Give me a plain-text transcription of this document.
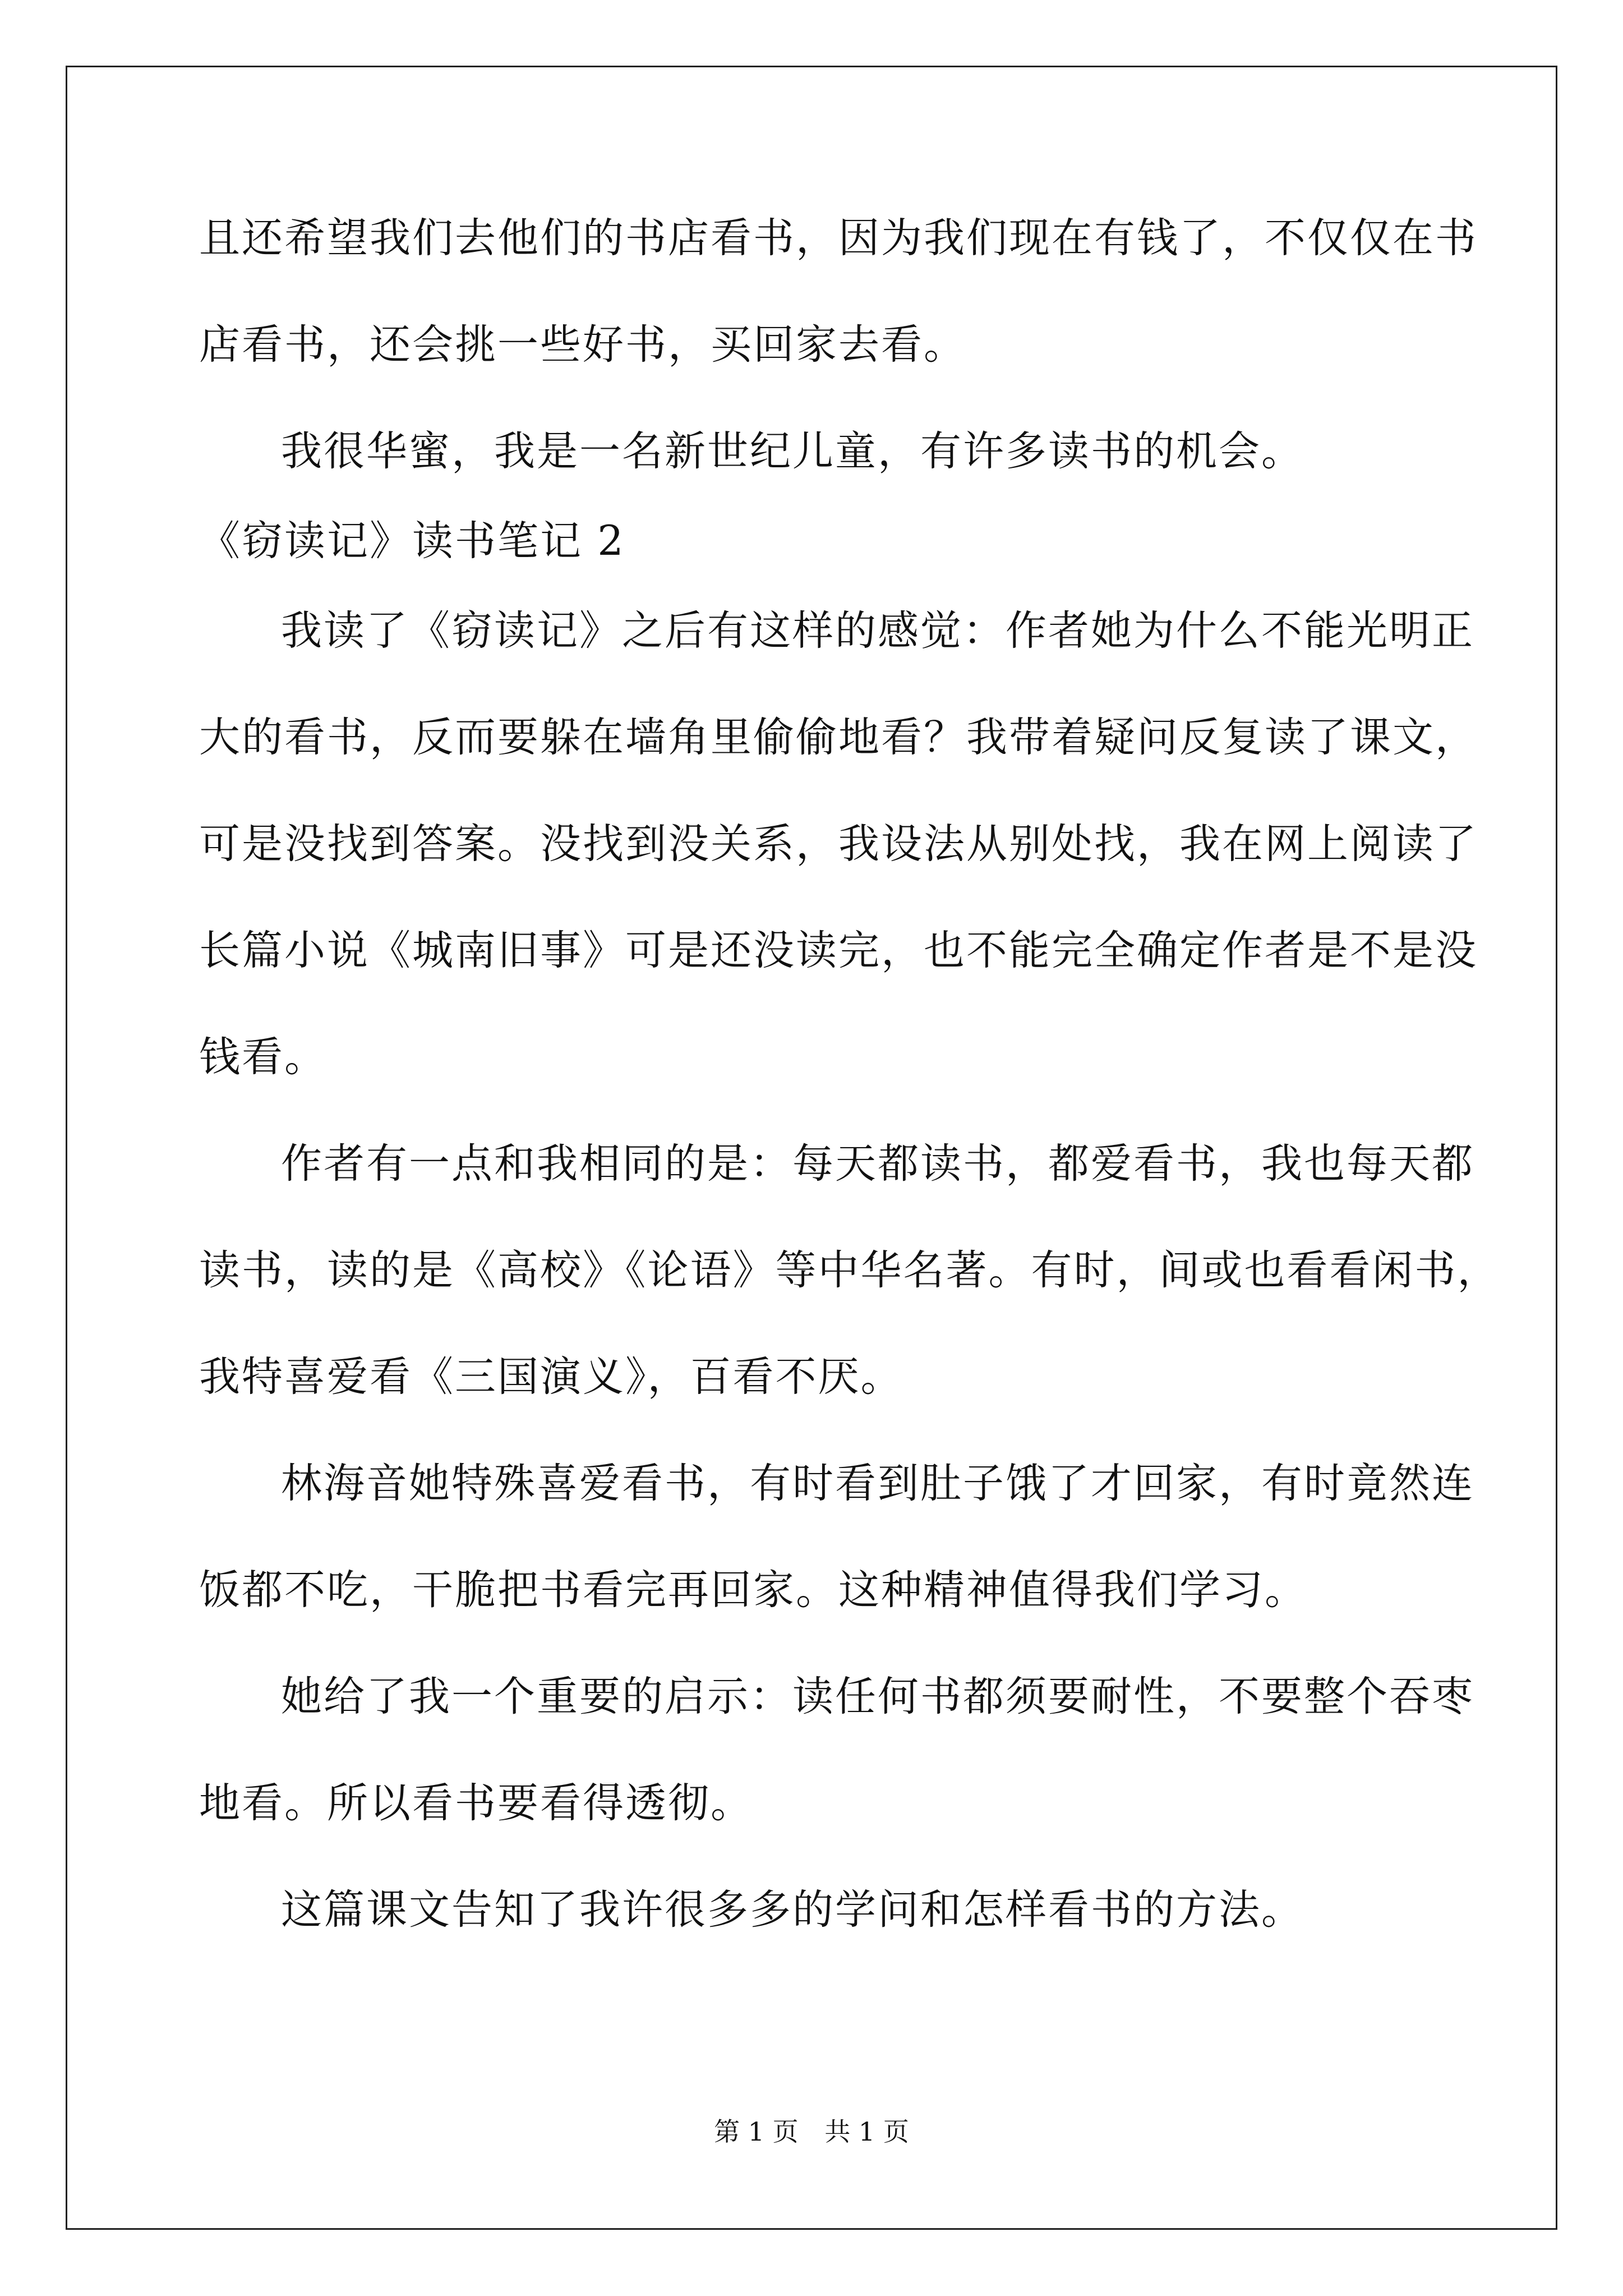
且还希望我们去他们的书店看书，因为我们现在有钱了，不仅仅在书
店看书，还会挑一些好书，买回家去看。
我很华蜜，我是一名新世纪儿童，有许多读书的机会。
《窃读记》读书笔记 2
我读了《窃读记》之后有这样的感觉：作者她为什么不能光明正
大的看书，反而要躲在墙角里偷偷地看？我带着疑问反复读了课文，
可是没找到答案。没找到没关系，我设法从别处找，我在网上阅读了
长篇小说《城南旧事》可是还没读完，也不能完全确定作者是不是没
钱看。
作者有一点和我相同的是：每天都读书，都爱看书，我也每天都
读书，读的是《高校》《论语》等中华名著。有时，间或也看看闲书，
我特喜爱看《三国演义》，百看不厌。
林海音她特殊喜爱看书，有时看到肚子饿了才回家，有时竟然连
饭都不吃，干脆把书看完再回家。这种精神值得我们学习。
她给了我一个重要的启示：读任何书都须要耐性，不要整个吞枣
地看。所以看书要看得透彻。
这篇课文告知了我许很多多的学问和怎样看书的方法。
第 1 页 共 1 页
